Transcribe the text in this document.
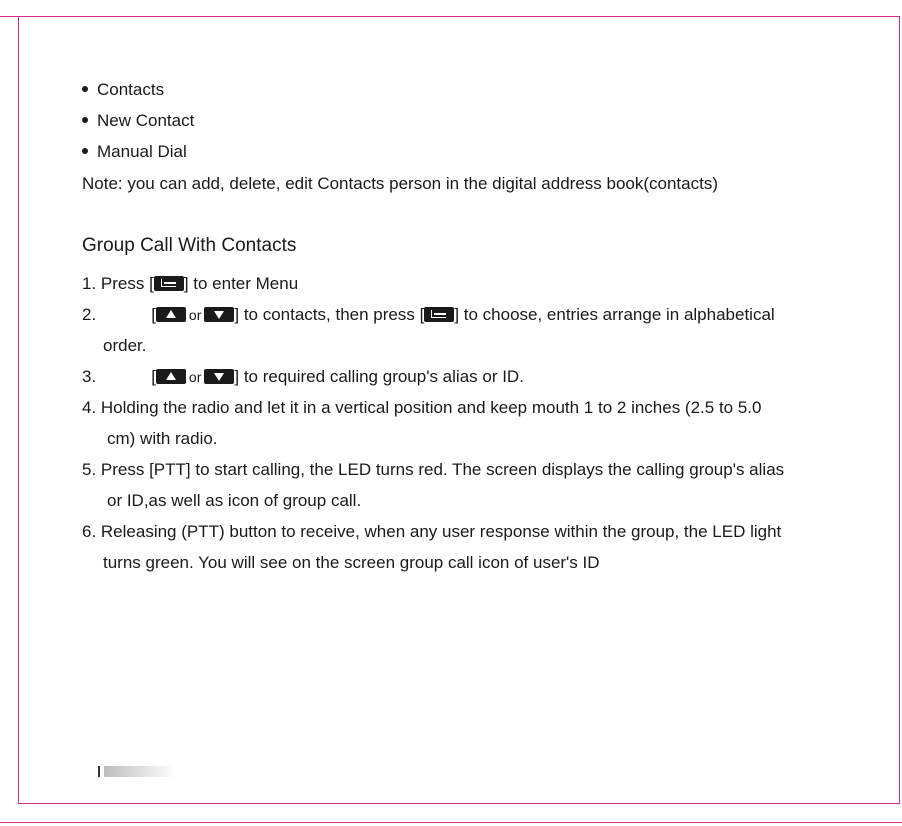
Contacts
New Contact
Manual Dial
Note: you can add, delete, edit Contacts person in the digital address book(contacts)
Group Call With Contacts
1. Press [ ] to enter Menu
2.	[ or ] to contacts, then press [ ] to choose, entries arrange in alphabetical
order.
3.	[ or ] to required calling group's alias or ID.
4. Holding the radio and let it in a vertical position and keep mouth 1 to 2 inches (2.5 to 5.0
cm) with radio.
5. Press [PTT] to start calling, the LED turns red. The screen displays the calling group's alias
or ID,as well as icon of group call.
6. Releasing (PTT) button to receive, when any user response within the group, the LED light
turns green. You will see on the screen group call icon of user's ID
